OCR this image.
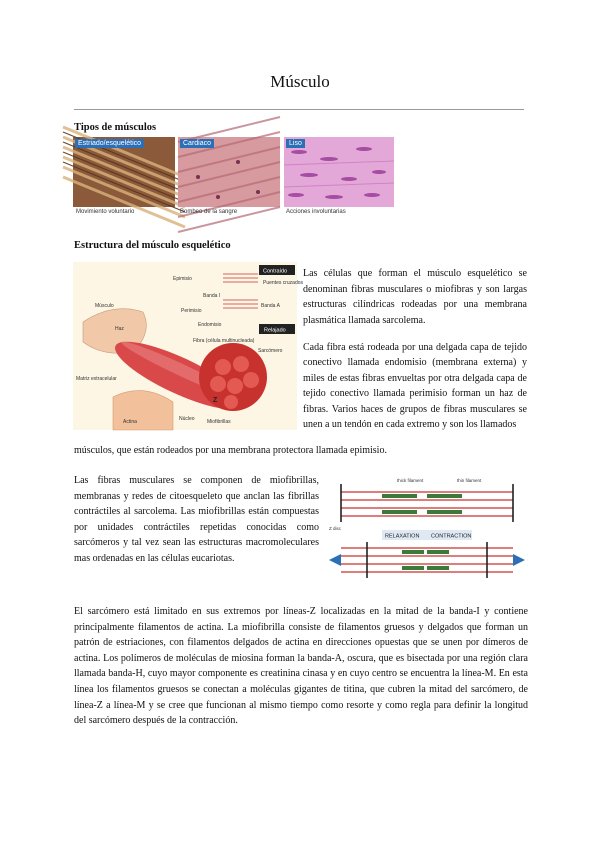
Músculo
Tipos de músculos
Estriado/esquelético	Cardiaco	Liso
Movimiento voluntario	Bombeo de la sangre	Acciones involuntarias
Estructura del músculo esquelético
Contraído
Relajado
Epimisio
Puentes cruzados
Banda I
Banda A
Perimisio
Músculo
Endomisio
Haz
Fibra (célula multinucleada)
Sarcómero
Matriz extracelular
Actina	Núcleo Miofibrillas
Z

Las células que forman el músculo esquelético se denominan fibras musculares o miofibras y son largas estructuras cilíndricas rodeadas por una membrana plasmática llamada sarcolema.

Cada fibra está rodeada por una delgada capa de tejido conectivo llamada endomisio (membrana externa) y miles de estas fibras envueltas por otra delgada capa de tejido conectivo llamada perimisio forman un haz de fibras. Varios haces de grupos de fibras musculares se unen a un tendón en cada extremo y son los llamados

músculos, que están rodeados por una membrana protectora llamada epimisio.

Las fibras musculares se componen de miofibrillas, membranas y redes de citoesqueleto que anclan las fibrillas contráctiles al sarcolema. Las miofibrillas están compuestas por unidades contráctiles repetidas conocidas como sarcómeros y tal vez sean las estructuras macromoleculares mas ordenadas en las células eucariotas.

RELAXATION CONTRACTION
Z disc
thick filament	thin filament

El sarcómero está limitado en sus extremos por líneas-Z localizadas en la mitad de la banda-I y contiene principalmente filamentos de actina. La miofibrilla consiste de filamentos gruesos y delgados que forman un patrón de estriaciones, con filamentos delgados de actina en direcciones opuestas que se unen por dímeros de actina. Los polímeros de moléculas de miosina forman la banda-A, oscura, que es bisectada por una región clara llamada banda-H, cuyo mayor componente es creatinina cinasa y en cuyo centro se encuentra la línea-M. En esta línea los filamentos gruesos se conectan a moléculas gigantes de titina, que cubren la mitad del sarcómero, de línea-Z a línea-M y se cree que funcionan al mismo tiempo como resorte y como regla para definir la longitud del sarcómero después de la contracción.
